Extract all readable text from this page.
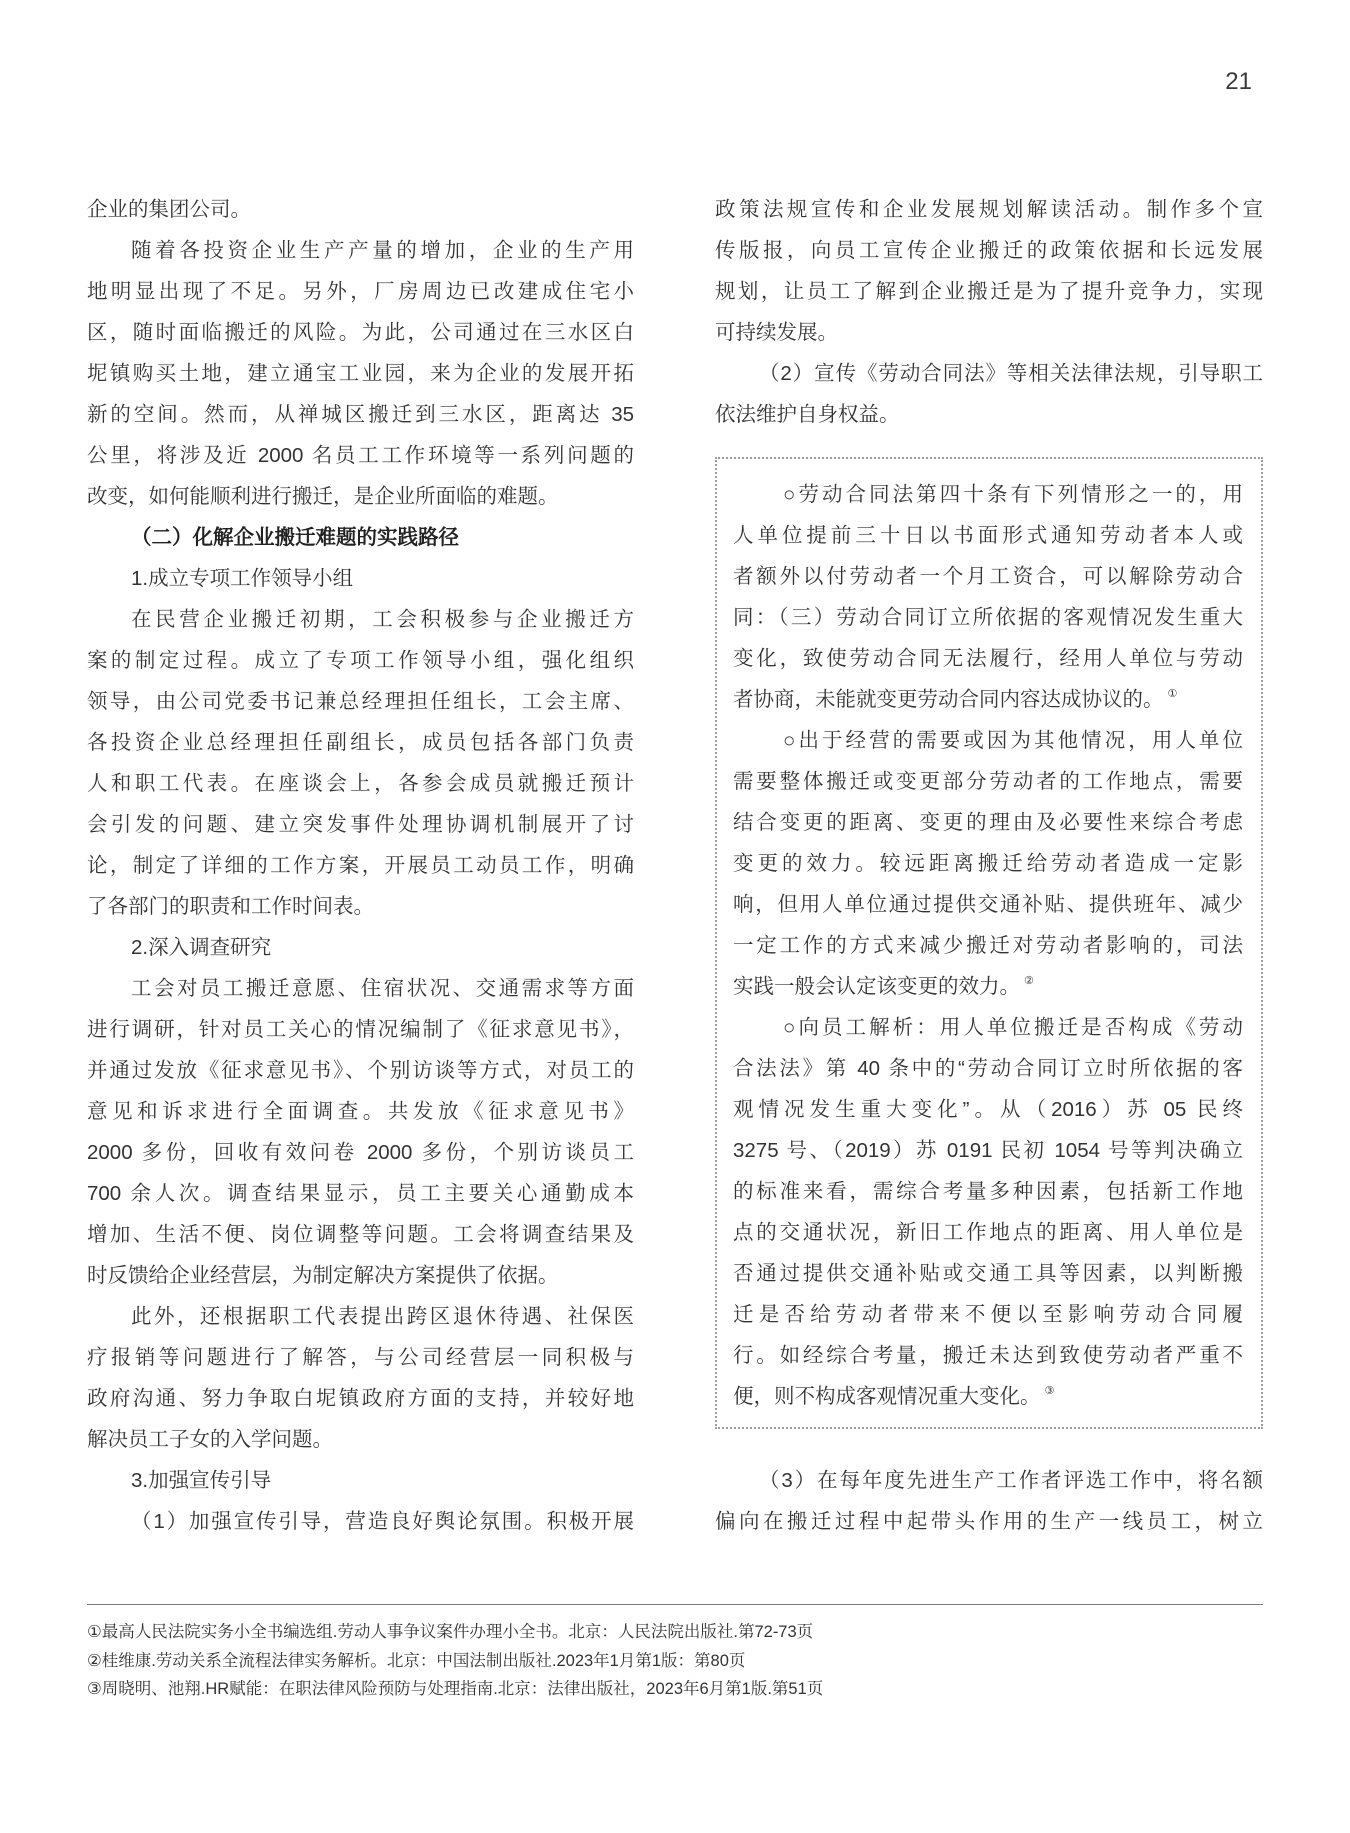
21
企业的集团公司。
随着各投资企业生产产量的增加，企业的生产用
地明显出现了不足。另外，厂房周边已改建成住宅小
区，随时面临搬迁的风险。为此，公司通过在三水区白
坭镇购买土地，建立通宝工业园，来为企业的发展开拓
新的空间。然而，从禅城区搬迁到三水区，距离达 35
公里，将涉及近 2000 名员工工作环境等一系列问题的
改变，如何能顺利进行搬迁，是企业所面临的难题。
（二）化解企业搬迁难题的实践路径
1.成立专项工作领导小组
在民营企业搬迁初期，工会积极参与企业搬迁方
案的制定过程。成立了专项工作领导小组，强化组织
领导，由公司党委书记兼总经理担任组长，工会主席、
各投资企业总经理担任副组长，成员包括各部门负责
人和职工代表。在座谈会上，各参会成员就搬迁预计
会引发的问题、建立突发事件处理协调机制展开了讨
论，制定了详细的工作方案，开展员工动员工作，明确
了各部门的职责和工作时间表。
2.深入调查研究
工会对员工搬迁意愿、住宿状况、交通需求等方面
进行调研，针对员工关心的情况编制了《征求意见书》，
并通过发放《征求意见书》、个别访谈等方式，对员工的
意见和诉求进行全面调查。共发放《征求意见书》
2000 多份，回收有效问卷 2000 多份，个别访谈员工
700 余人次。调查结果显示，员工主要关心通勤成本
增加、生活不便、岗位调整等问题。工会将调查结果及
时反馈给企业经营层，为制定解决方案提供了依据。
此外，还根据职工代表提出跨区退休待遇、社保医
疗报销等问题进行了解答，与公司经营层一同积极与
政府沟通、努力争取白坭镇政府方面的支持，并较好地
解决员工子女的入学问题。
3.加强宣传引导
（1）加强宣传引导，营造良好舆论氛围。积极开展
政策法规宣传和企业发展规划解读活动。制作多个宣
传版报，向员工宣传企业搬迁的政策依据和长远发展
规划，让员工了解到企业搬迁是为了提升竞争力，实现
可持续发展。
（2）宣传《劳动合同法》等相关法律法规，引导职工
依法维护自身权益。
○劳动合同法第四十条有下列情形之一的，用
人单位提前三十日以书面形式通知劳动者本人或
者额外以付劳动者一个月工资合，可以解除劳动合
同：（三）劳动合同订立所依据的客观情况发生重大
变化，致使劳动合同无法履行，经用人单位与劳动
者协商，未能就变更劳动合同内容达成协议的。 ①
○出于经营的需要或因为其他情况，用人单位
需要整体搬迁或变更部分劳动者的工作地点，需要
结合变更的距离、变更的理由及必要性来综合考虑
变更的效力。较远距离搬迁给劳动者造成一定影
响，但用人单位通过提供交通补贴、提供班年、减少
一定工作的方式来减少搬迁对劳动者影响的，司法
实践一般会认定该变更的效力。 ②
○向员工解析：用人单位搬迁是否构成《劳动
合法法》第 40 条中的“劳动合同订立时所依据的客
观情况发生重大变化”。从（2016）苏 05 民终
3275 号、（2019）苏 0191 民初 1054 号等判决确立
的标准来看，需综合考量多种因素，包括新工作地
点的交通状况，新旧工作地点的距离、用人单位是
否通过提供交通补贴或交通工具等因素，以判断搬
迁是否给劳动者带来不便以至影响劳动合同履
行。如经综合考量，搬迁未达到致使劳动者严重不
便，则不构成客观情况重大变化。 ③
（3）在每年度先进生产工作者评选工作中，将名额
偏向在搬迁过程中起带头作用的生产一线员工，树立
①最高人民法院实务小全书编选组.劳动人事争议案件办理小全书。北京：人民法院出版社.第72-73页
②桂维康.劳动关系全流程法律实务解析。北京：中国法制出版社.2023年1月第1版：第80页
③周晓明、池翔.HR赋能：在职法律风险预防与处理指南.北京：法律出版社，2023年6月第1版.第51页
